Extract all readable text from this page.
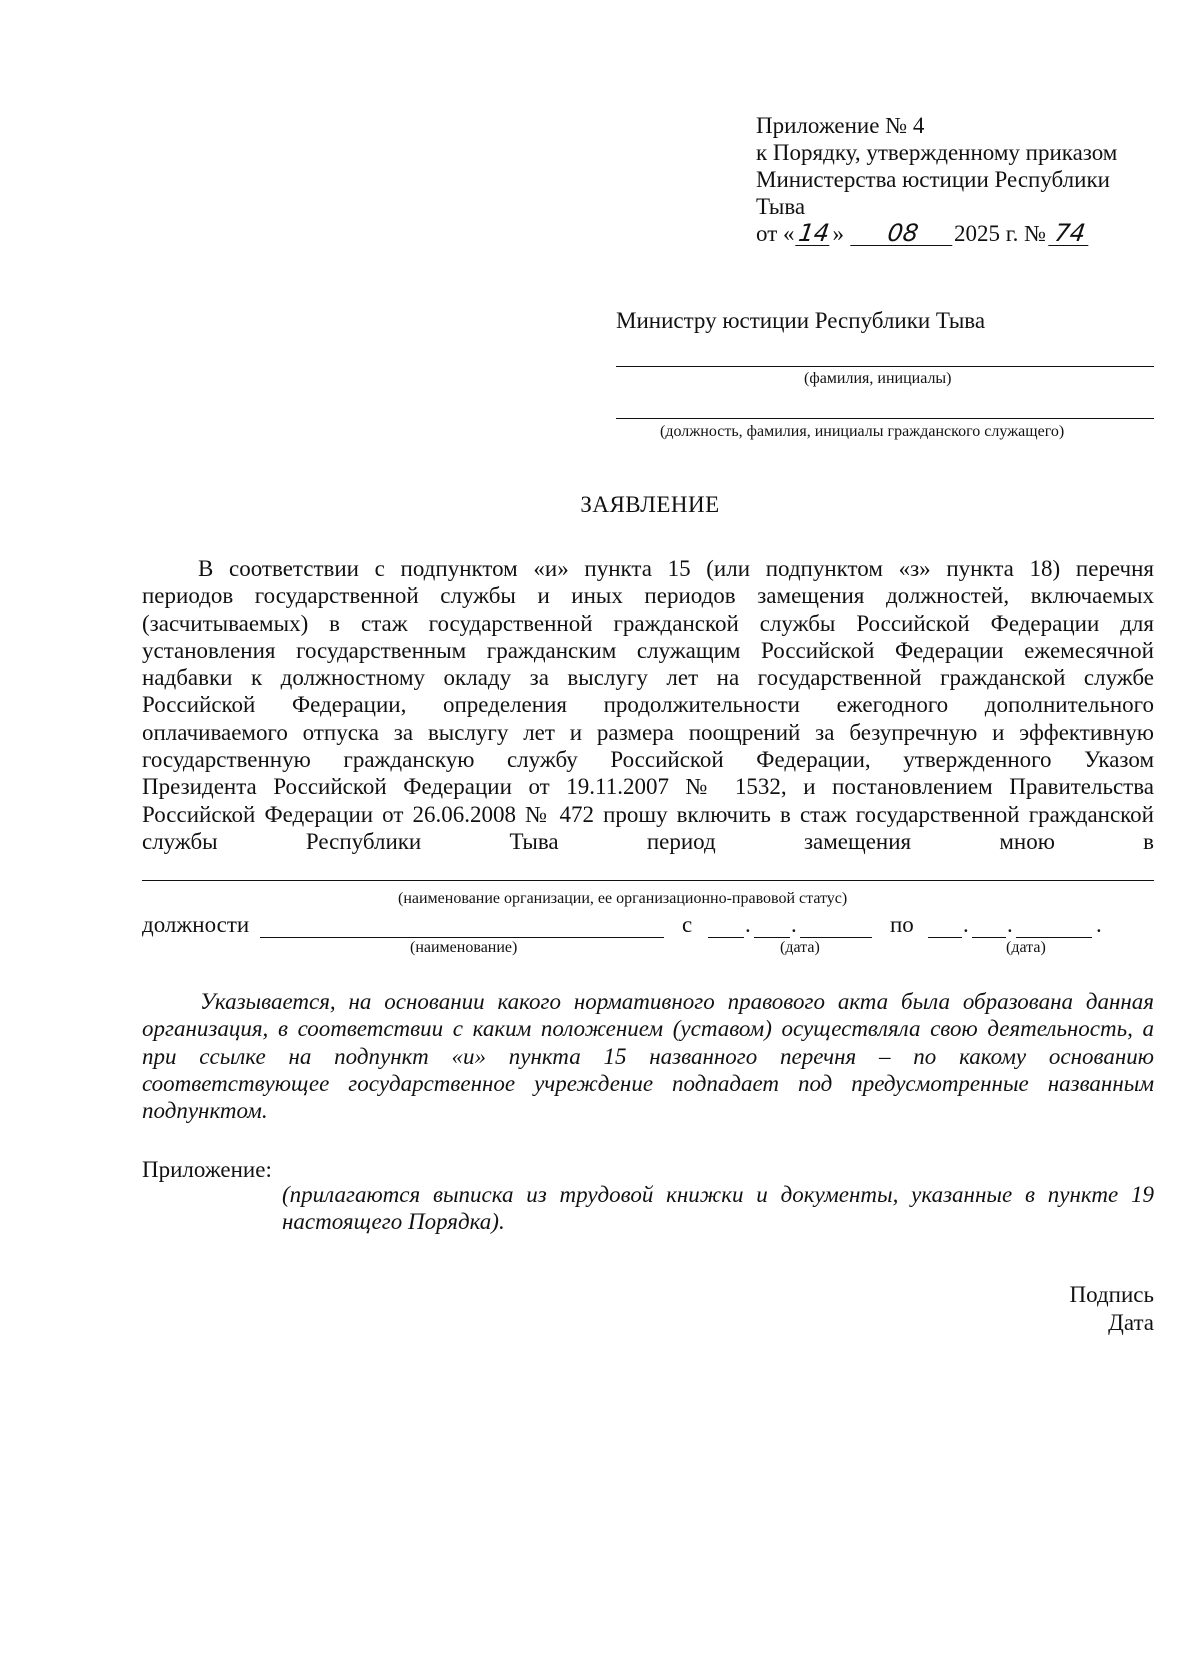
Приложение № 4
к Порядку, утвержденному приказом
Министерства юстиции Республики
Тыва
от « 14 »	08	2025 г. № 74
Министру юстиции Республики Тыва
(фамилия, инициалы)
(должность, фамилия, инициалы гражданского служащего)
ЗАЯВЛЕНИЕ
В соответствии с подпунктом «и» пункта 15 (или подпунктом «з» пункта 18) перечня
периодов государственной службы и иных периодов замещения должностей, включаемых
(засчитываемых) в стаж государственной гражданской службы Российской Федерации для
установления государственным гражданским служащим Российской Федерации ежемесячной
надбавки к должностному окладу за выслугу лет на государственной гражданской службе
Российской Федерации, определения продолжительности ежегодного дополнительного
оплачиваемого отпуска за выслугу лет и размера поощрений за безупречную и эффективную
государственную гражданскую службу Российской Федерации, утвержденного Указом
Президента Российской Федерации от 19.11.2007 № 1532, и постановлением Правительства
Российской Федерации от 26.06.2008 № 472 прошу включить в стаж государственной гражданской
службы Республики Тыва период замещения мною в
(наименование организации, ее организационно-правовой статус)
должности	с . .	по . .	.
(наименование)	(дата)	(дата)
Указывается, на основании какого нормативного правового акта была образована данная
организация, в соответствии с каким положением (уставом) осуществляла свою деятельность, а
при ссылке на подпункт «и» пункта 15 названного перечня – по какому основанию
соответствующее государственное учреждение подпадает под предусмотренные названным
подпунктом.
Приложение:
(прилагаются выписка из трудовой книжки и документы, указанные в пункте 19
настоящего Порядка).
Подпись
Дата
